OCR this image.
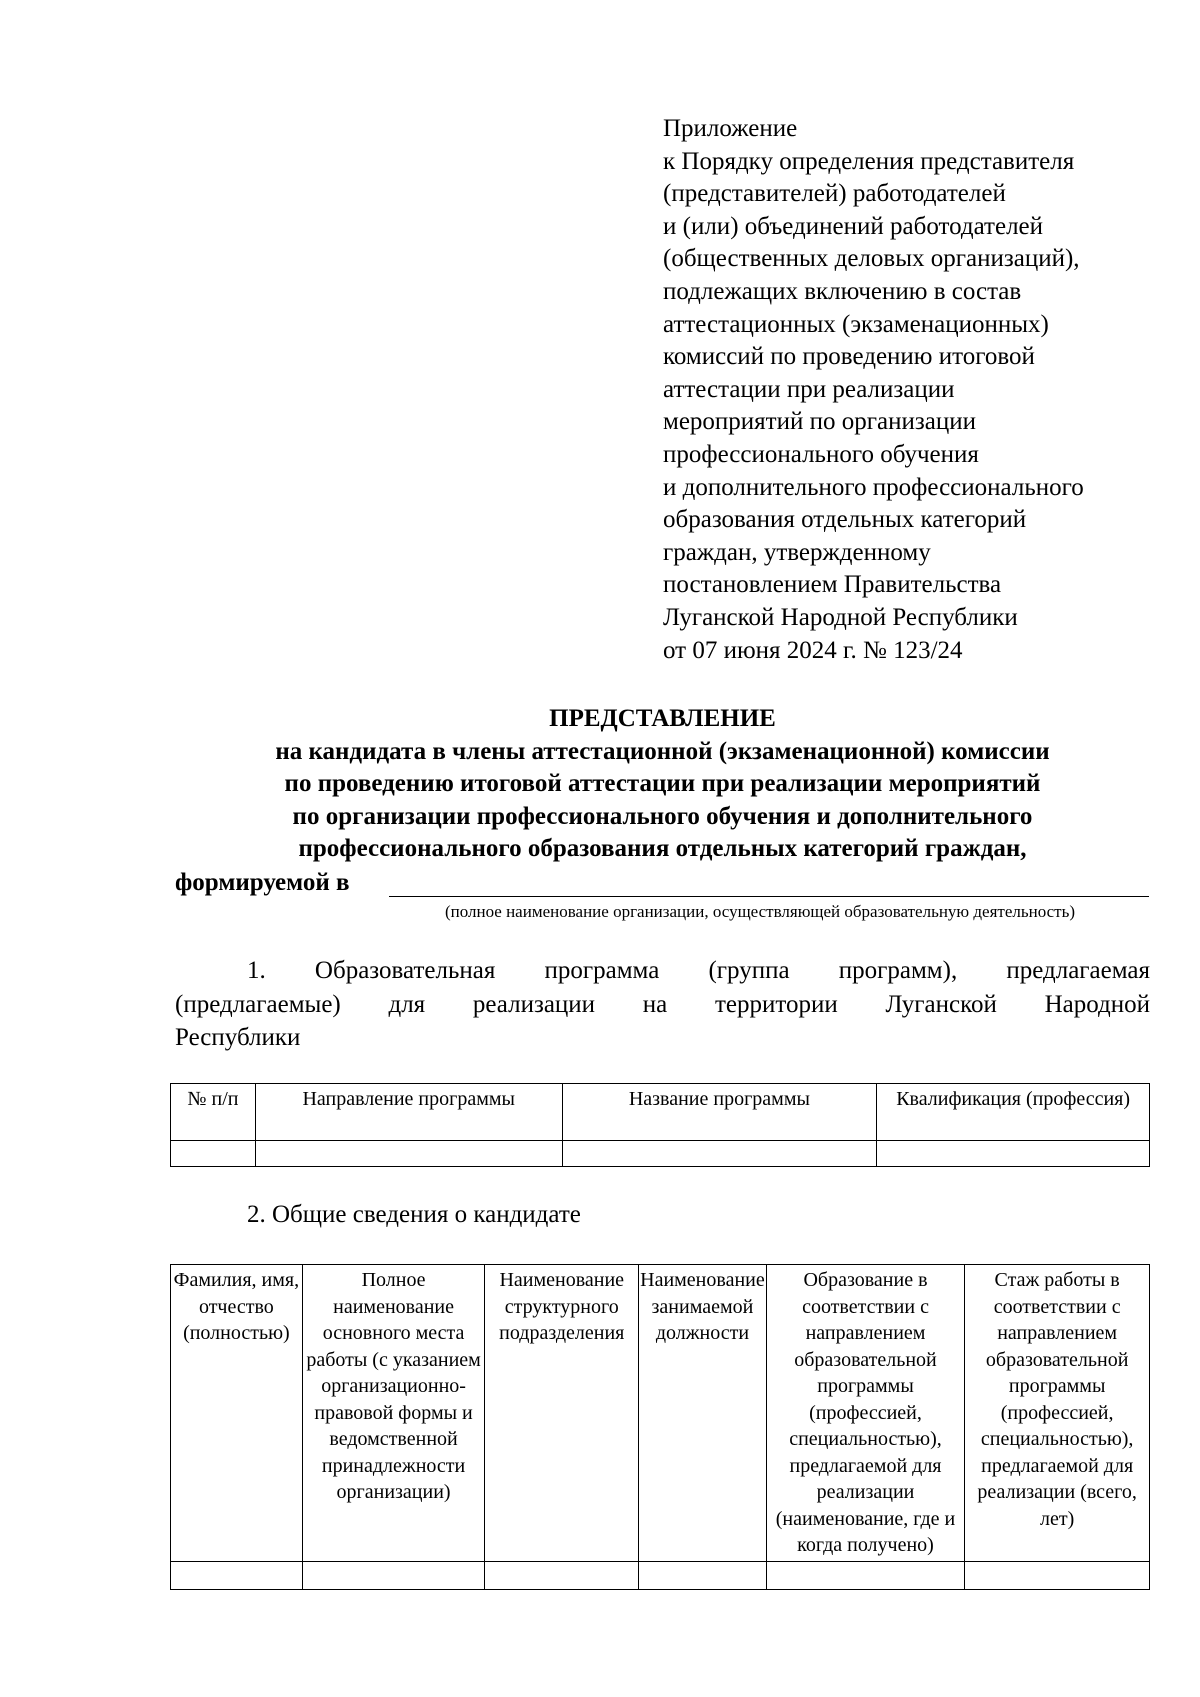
Приложение
к Порядку определения представителя
(представителей) работодателей
и (или) объединений работодателей
(общественных деловых организаций),
подлежащих включению в состав
аттестационных (экзаменационных)
комиссий по проведению итоговой
аттестации при реализации
мероприятий по организации
профессионального обучения
и дополнительного профессионального
образования отдельных категорий
граждан, утвержденному
постановлением Правительства
Луганской Народной Республики
от 07 июня 2024 г. № 123/24
ПРЕДСТАВЛЕНИЕ
на кандидата в члены аттестационной (экзаменационной) комиссии
по проведению итоговой аттестации при реализации мероприятий
по организации профессионального обучения и дополнительного
профессионального образования отдельных категорий граждан,
формируемой в
(полное наименование организации, осуществляющей образовательную деятельность)
1. Образовательная программа (группа программ), предлагаемая
(предлагаемые) для реализации на территории Луганской Народной
Республики
№ п/п	Направление программы	Название программы	Квалификация (профессия)

2. Общие сведения о кандидате
Фамилия, имя, отчество (полностью)	Полное наименование основного места работы (с указанием организационно-правовой формы и ведомственной принадлежности организации)	Наименование структурного подразделения	Наименование занимаемой должности	Образование в соответствии с направлением образовательной программы (профессией, специальностью), предлагаемой для реализации (наименование, где и когда получено)	Стаж работы в соответствии с направлением образовательной программы (профессией, специальностью), предлагаемой для реализации (всего, лет)
